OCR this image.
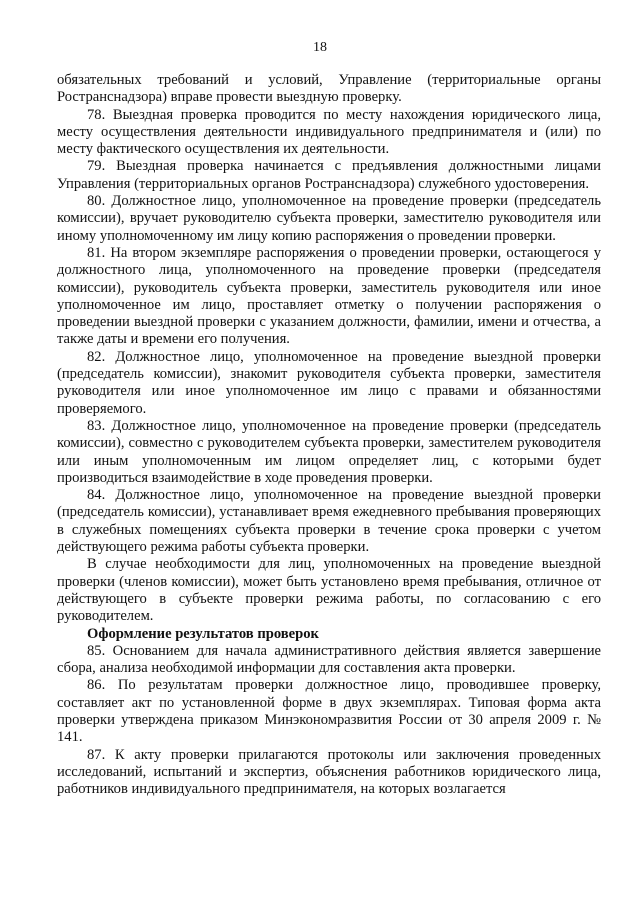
18

обязательных требований и условий, Управление (территориальные органы Ространснадзора) вправе провести выездную проверку.

78. Выездная проверка проводится по месту нахождения юридического лица, месту осуществления деятельности индивидуального предпринимателя и (или) по месту фактического осуществления их деятельности.

79. Выездная проверка начинается с предъявления должностными лицами Управления (территориальных органов Ространснадзора) служебного удостоверения.

80. Должностное лицо, уполномоченное на проведение проверки (председатель комиссии), вручает руководителю субъекта проверки, заместителю руководителя или иному уполномоченному им лицу копию распоряжения о проведении проверки.

81. На втором экземпляре распоряжения о проведении проверки, остающегося у должностного лица, уполномоченного на проведение проверки (председателя комиссии), руководитель субъекта проверки, заместитель руководителя или иное уполномоченное им лицо, проставляет отметку о получении распоряжения о проведении выездной проверки с указанием должности, фамилии, имени и отчества, а также даты и времени его получения.

82. Должностное лицо, уполномоченное на проведение выездной проверки (председатель комиссии), знакомит руководителя субъекта проверки, заместителя руководителя или иное уполномоченное им лицо с правами и обязанностями проверяемого.

83. Должностное лицо, уполномоченное на проведение проверки (председатель комиссии), совместно с руководителем субъекта проверки, заместителем руководителя или иным уполномоченным им лицом определяет лиц, с которыми будет производиться взаимодействие в ходе проведения проверки.

84. Должностное лицо, уполномоченное на проведение выездной проверки (председатель комиссии), устанавливает время ежедневного пребывания проверяющих в служебных помещениях субъекта проверки в течение срока проверки с учетом действующего режима работы субъекта проверки.

В случае необходимости для лиц, уполномоченных на проведение выездной проверки (членов комиссии), может быть установлено время пребывания, отличное от действующего в субъекте проверки режима работы, по согласованию с его руководителем.

Оформление результатов проверок

85. Основанием для начала административного действия является завершение сбора, анализа необходимой информации для составления акта проверки.

86. По результатам проверки должностное лицо, проводившее проверку, составляет акт по установленной форме в двух экземплярах. Типовая форма акта проверки утверждена приказом Минэкономразвития России от 30 апреля 2009 г. № 141.

87. К акту проверки прилагаются протоколы или заключения проведенных исследований, испытаний и экспертиз, объяснения работников юридического лица, работников индивидуального предпринимателя, на которых возлагается
